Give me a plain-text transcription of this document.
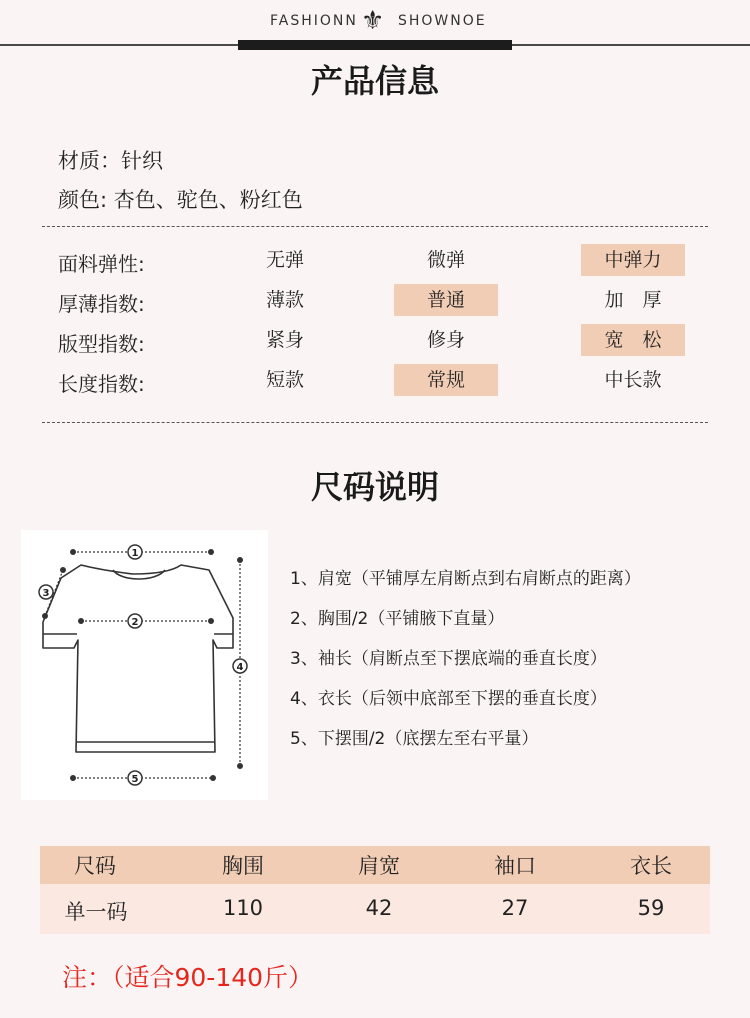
FASHIONN ⚜ SHOWNOE
产品信息
材质：针织
颜色: 杏色、驼色、粉红色
面料弹性:	无弹	微弹	中弹力
厚薄指数:	薄款	普通	加　厚
版型指数:	紧身	修身	宽　松
长度指数:	短款	常规	中长款
尺码说明
1
2
3
4
5
1、肩宽（平铺厚左肩断点到右肩断点的距离）
2、胸围/2（平铺腋下直量）
3、袖长（肩断点至下摆底端的垂直长度）
4、衣长（后领中底部至下摆的垂直长度）
5、下摆围/2（底摆左至右平量）
尺码	胸围	肩宽	袖口	衣长
单一码	110	42	27	59
注：（适合90-140斤）
